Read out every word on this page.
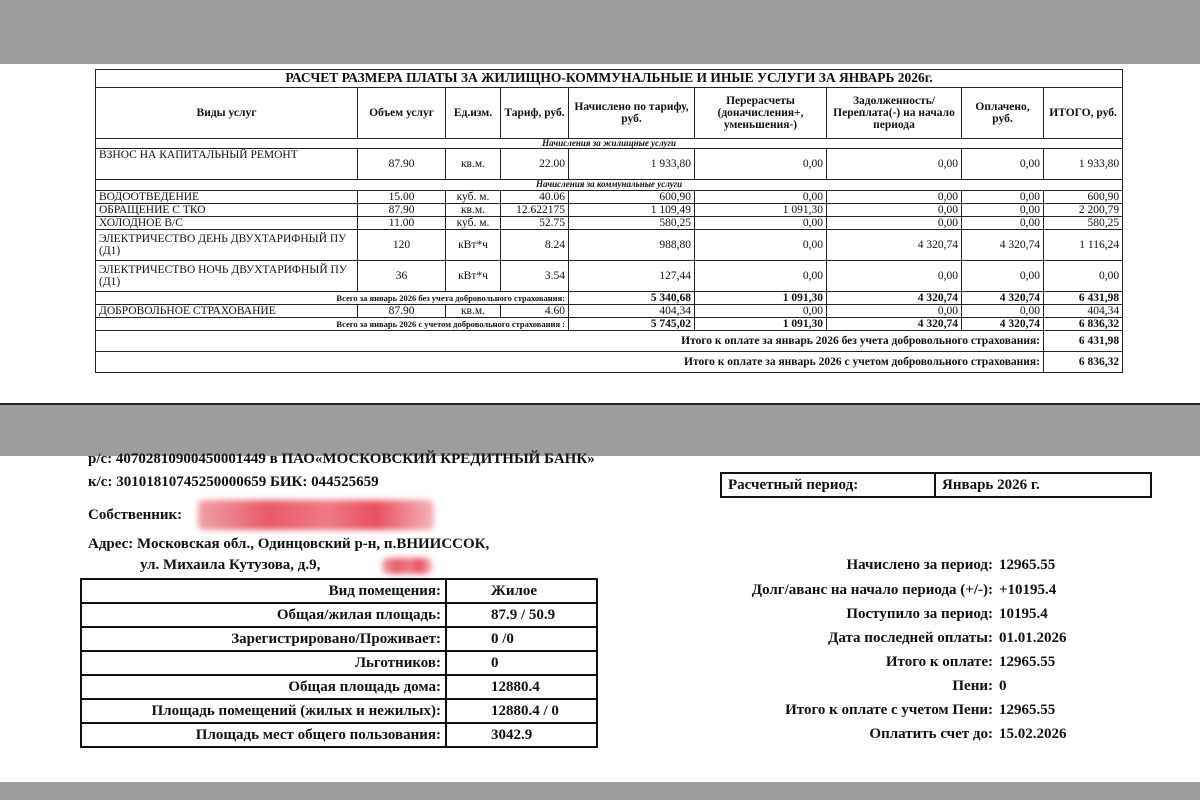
РАСЧЕТ РАЗМЕРА ПЛАТЫ ЗА ЖИЛИЩНО-КОММУНАЛЬНЫЕ И ИНЫЕ УСЛУГИ ЗА ЯНВАРЬ 2026г.								
Виды услуг	Объем услуг	Ед.изм.	Тариф, руб.	Начислено по тарифу, руб.	Перерасчеты (доначисления+, уменьшения-)	Задолженность/ Переплата(-) на начало периода	Оплачено, руб.	ИТОГО, руб.
Начисления за жилищные услуги								
ВЗНОС НА КАПИТАЛЬНЫЙ РЕМОНТ	87.90	кв.м.	22.00	1 933,80	0,00	0,00	0,00	1 933,80
Начисления за коммунальные услуги								
ВОДООТВЕДЕНИЕ	15.00	куб. м.	40.06	600,90	0,00	0,00	0,00	600,90
ОБРАЩЕНИЕ С ТКО	87.90	кв.м.	12.622175	1 109,49	1 091,30	0,00	0,00	2 200,79
ХОЛОДНОЕ В/С	11.00	куб. м.	52.75	580,25	0,00	0,00	0,00	580,25
ЭЛЕКТРИЧЕСТВО ДЕНЬ ДВУХТАРИФНЫЙ ПУ (Д1)	120	кВт*ч	8.24	988,80	0,00	4 320,74	4 320,74	1 116,24
ЭЛЕКТРИЧЕСТВО НОЧЬ ДВУХТАРИФНЫЙ ПУ (Д1)	36	кВт*ч	3.54	127,44	0,00	0,00	0,00	0,00
Всего за январь 2026 без учета добровольного страхования:				5 340,68	1 091,30	4 320,74	4 320,74	6 431,98
ДОБРОВОЛЬНОЕ СТРАХОВАНИЕ	87.90	кв.м.	4.60	404,34	0,00	0,00	0,00	404,34
Всего за январь 2026 с учетом добровольного страхования :				5 745,02	1 091,30	4 320,74	4 320,74	6 836,32
Итого к оплате за январь 2026 без учета добровольного страхования:								6 431,98
Итого к оплате за январь 2026 с учетом добровольного страхования:								6 836,32
р/с: 40702810900450001449 в ПАО«МОСКОВСКИЙ КРЕДИТНЫЙ БАНК»
к/с: 30101810745250000659 БИК: 044525659
Собственник:
Адрес: Московская обл., Одинцовский р-н, п.ВНИИССОК,
ул. Михаила Кутузова, д.9,
Вид помещения:	Жилое
Общая/жилая площадь:	87.9 / 50.9
Зарегистрировано/Проживает:	0 /0
Льготников:	0
Общая площадь дома:	12880.4
Площадь помещений (жилых и нежилых):	12880.4 / 0
Площадь мест общего пользования:	3042.9
Расчетный период:	Январь 2026 г.
Начислено за период: 12965.55
Долг/аванс на начало периода (+/-): +10195.4
Поступило за период: 10195.4
Дата последней оплаты: 01.01.2026
Итого к оплате: 12965.55
Пени: 0
Итого к оплате с учетом Пени: 12965.55
Оплатить счет до: 15.02.2026
